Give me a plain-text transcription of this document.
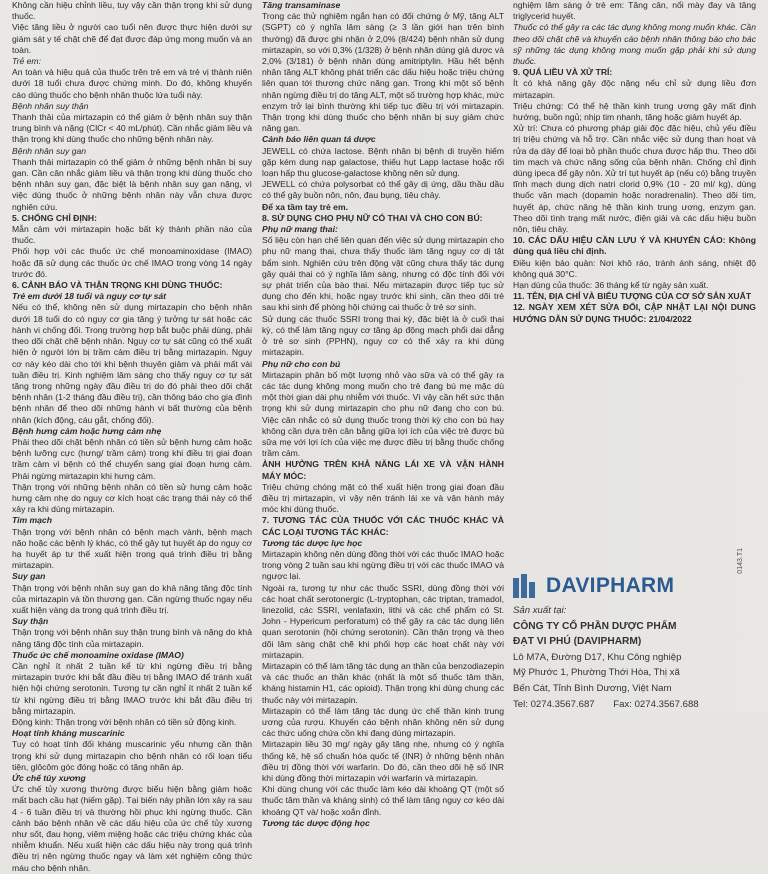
Không cần hiệu chỉnh liều, tuy vậy cần thận trọng khi sử dụng thuốc.

Việc tăng liều ở người cao tuổi nên được thực hiện dưới sự giám sát y tế chặt chẽ để đạt được đáp ứng mong muốn và an toàn.

Trẻ em:

An toàn và hiệu quả của thuốc trên trẻ em và trẻ vị thành niên dưới 18 tuổi chưa được chứng minh. Do đó, không khuyến cáo dùng thuốc cho bệnh nhân thuộc lứa tuổi này.

Bệnh nhân suy thận

Thanh thải của mirtazapin có thể giảm ở bệnh nhân suy thận trung bình và nặng (ClCr < 40 mL/phút). Cần nhắc giảm liều và thận trọng khi dùng thuốc cho những bệnh nhân này.

Bệnh nhân suy gan

Thanh thải mirtazapin có thể giảm ở những bệnh nhân bị suy gan. Cần cân nhắc giảm liều và thận trọng khi dùng thuốc cho bệnh nhân suy gan, đặc biệt là bệnh nhân suy gan nặng, vì việc dùng thuốc ở những bệnh nhân này vẫn chưa được nghiên cứu.

5. CHỐNG CHỈ ĐỊNH:

Mẫn cảm với mirtazapin hoặc bất kỳ thành phần nào của thuốc.

Phối hợp với các thuốc ức chế monoaminoxidase (IMAO) hoặc đã sử dụng các thuốc ức chế IMAO trong vòng 14 ngày trước đó.

6. CẢNH BÁO VÀ THẬN TRỌNG KHI DÙNG THUỐC:

Trẻ em dưới 18 tuổi và nguy cơ tự sát

Nếu có thể, không nên sử dụng mirtazapin cho bệnh nhân dưới 18 tuổi do có nguy cơ gia tăng ý tưởng tự sát hoặc các hành vi chống đối. Trong trường hợp bắt buộc phải dùng, phải theo dõi chặt chẽ bệnh nhân. Nguy cơ tự sát cũng có thể xuất hiện ở người lớn bị trầm cảm điều trị bằng mirtazapin. Nguy cơ này kéo dài cho tới khi bệnh thuyên giảm và phải mất vài tuần điều trị. Kinh nghiệm lâm sàng cho thấy nguy cơ tự sát tăng trong những ngày đầu điều trị do đó phải theo dõi chặt bệnh nhân (1-2 tháng đầu điều trị), cần thông báo cho gia đình bệnh nhân để theo dõi những hành vi bất thường của bệnh nhân (kích động, cáu gắt, chống đối).

Bệnh hưng cảm hoặc hưng cảm nhẹ

Phải theo dõi chặt bệnh nhân có tiền sử bệnh hưng cảm hoặc bệnh lưỡng cực (hưng/ trầm cảm) trong khi điều trị giai đoạn trầm cảm vì bệnh có thể chuyển sang giai đoạn hưng cảm. Phải ngừng mirtazapin khi hưng cảm.

Thận trọng với những bệnh nhân có tiền sử hưng cảm hoặc hưng cảm nhẹ do nguy cơ kích hoạt các trạng thái này có thể xảy ra khi dùng mirtazapin.

Tim mạch

Thận trọng với bệnh nhân có bệnh mạch vành, bệnh mạch não hoặc các bệnh lý khác, có thể gây tụt huyết áp do nguy cơ hạ huyết áp tư thế xuất hiện trong quá trình điều trị bằng mirtazapin.

Suy gan

Thận trọng với bệnh nhân suy gan do khả năng tăng độc tính của mirtazapin và tồn thương gan. Cần ngừng thuốc ngay nếu xuất hiện vàng da trong quá trình điều trị.

Suy thận

Thận trọng với bệnh nhân suy thận trung bình và nặng do khả năng tăng độc tính của mirtazapin.

Thuốc ức chế monoamine oxidase (IMAO)

Cần nghỉ ít nhất 2 tuần kể từ khi ngừng điều trị bằng mirtazapin trước khi bắt đầu điều trị bằng IMAO để tránh xuất hiện hội chứng serotonin. Tương tự cần nghỉ ít nhất 2 tuần kể từ khi ngừng điều trị bằng IMAO trước khi bắt đầu điều trị bằng mirtazapin.

Động kinh: Thận trọng với bệnh nhân có tiền sử động kinh.

Hoạt tính kháng muscarinic

Tuy có hoạt tính đối kháng muscarinic yếu nhưng cần thận trọng khi sử dụng mirtazapin cho bệnh nhân có rối loạn tiểu tiện, glôcôm góc đóng hoặc có tăng nhãn áp.

Ức chế tủy xương

Ức chế tủy xương thường được biểu hiện bằng giảm hoặc mất bạch cầu hạt (hiếm gặp). Tại biến này phần lớn xảy ra sau 4 - 6 tuần điều trị và thường hồi phục khi ngừng thuốc. Cần cảnh báo bệnh nhân về các dấu hiệu của ức chế tủy xương như sốt, đau họng, viêm miệng hoặc các triệu chứng khác của nhiễm khuẩn. Nếu xuất hiện các dấu hiệu này trong quá trình điều trị nên ngừng thuốc ngay và làm xét nghiệm công thức máu cho bệnh nhân.

Tăng transaminase

Trong các thử nghiệm ngắn hạn có đối chứng ở Mỹ, tăng ALT (SGPT) có ý nghĩa lâm sàng (≥ 3 lần giới hạn trên bình thường) đã được ghi nhận ở 2,0% (8/424) bệnh nhân sử dụng mirtazapin, so với 0,3% (1/328) ở bệnh nhân dùng giả dược và 2,0% (3/181) ở bệnh nhân dùng amitriptylin. Hầu hết bệnh nhân tăng ALT không phát triển các dấu hiệu hoặc triệu chứng liên quan tới thương chức năng gan. Trong khi một số bệnh nhân ngừng điều trị do tăng ALT, một số trường hợp khác, mức enzym trở lại bình thường khi tiếp tục điều trị với mirtazapin. Thận trọng khi dùng thuốc cho bệnh nhân bị suy giảm chức năng gan.

Cảnh báo liên quan tá dược

JEWELL có chứa lactose. Bệnh nhân bị bệnh di truyền hiếm gặp kém dung nạp galactose, thiếu hụt Lapp lactase hoặc rối loạn hấp thu glucose-galactose không nên sử dụng.

JEWELL có chứa polysorbat có thể gây dị ứng, dầu thầu dầu có thể gây buồn nôn, nôn, đau bụng, tiêu chảy.

Để xa tầm tay trẻ em.

8. SỬ DỤNG CHO PHỤ NỮ CÓ THAI VÀ CHO CON BÚ:

Phụ nữ mang thai:

Số liệu còn hạn chế liên quan đến việc sử dụng mirtazapin cho phụ nữ mang thai, chưa thấy thuốc làm tăng nguy cơ dị tật bẩm sinh. Nghiên cứu trên động vật cũng chưa thấy tác dụng gây quái thai có ý nghĩa lâm sàng, nhưng có độc tính đối với sự phát triển của bào thai. Nếu mirtazapin được tiếp tục sử dụng cho đến khi, hoặc ngay trước khi sinh, cần theo dõi trẻ sau khi sinh để phòng hội chứng cai thuốc ở trẻ sơ sinh.

Sử dụng các thuốc SSRI trong thai kỳ, đặc biệt là ở cuối thai kỳ, có thể làm tăng nguy cơ tăng áp động mạch phổi dai dẳng ở trẻ sơ sinh (PPHN), nguy cơ có thể xảy ra khi dùng mirtazapin.

Phụ nữ cho con bú

Mirtazapin phân bố một lượng nhỏ vào sữa và có thể gây ra các tác dụng không mong muốn cho trẻ đang bú mẹ mặc dù một thời gian dài phụ nhiễm với thuốc. Vì vậy cần hết sức thận trọng khi sử dụng mirtazapin cho phụ nữ đang cho con bú. Việc cân nhắc có sử dụng thuốc trong thời kỳ cho con bú hay không cần dựa trên cân bằng giữa lợi ích của việc trẻ được bú sữa mẹ với lợi ích của việc mẹ được điều trị bằng thuốc chống trầm cảm.

ẢNH HƯỞNG TRÊN KHẢ NĂNG LÁI XE VÀ VẬN HÀNH MÁY MÓC:

Triệu chứng chóng mặt có thể xuất hiện trong giai đoạn đầu điều trị mirtazapin, vì vậy nên tránh lái xe và vận hành máy móc khi dùng thuốc.

7. TƯƠNG TÁC CỦA THUỐC VỚI CÁC THUỐC KHÁC VÀ CÁC LOẠI TƯƠNG TÁC KHÁC:

Tương tác dược lực học

Mirtazapin không nên dùng đồng thời với các thuốc IMAO hoặc trong vòng 2 tuần sau khi ngừng điều trị với các thuốc IMAO và ngược lại.

Ngoài ra, tương tự như các thuốc SSRI, dùng đồng thời với các hoạt chất serotonergic (L-tryptophan, các triptan, tramadol, linezolid, các SSRI, venlafaxin, lithi và các chế phẩm có St. John - Hypericum perforatum) có thể gây ra các tác dụng liên quan serotonin (hội chứng serotonin). Cần thận trọng và theo dõi lâm sàng chặt chẽ khi phối hợp các hoạt chất này với mirtazapin.

Mirtazapin có thể làm tăng tác dụng an thần của benzodiazepin và các thuốc an thần khác (nhất là một số thuốc tâm thần, kháng histamin H1, các opioid). Thận trọng khi dùng chung các thuốc này với mirtazapin.

Mirtazapin có thể làm tăng tác dụng ức chế thần kinh trung ương của rượu. Khuyến cáo bệnh nhân không nên sử dụng các thức uống chứa cồn khi đang dùng mirtazapin.

Mirtazapin liều 30 mg/ ngày gây tăng nhẹ, nhưng có ý nghĩa thống kê, hệ số chuẩn hóa quốc tế (INR) ở những bệnh nhân điều trị đồng thời với warfarin. Do đó, cần theo dõi hệ số INR khi dùng đồng thời mirtazapin với warfarin và mirtazapin.

Khi dùng chung với các thuốc làm kéo dài khoảng QT (một số thuốc tâm thần và kháng sinh) có thể làm tăng nguy cơ kéo dài khoảng QT và/ hoặc xoắn đỉnh.

Tương tác dược động học

nghiệm lâm sàng ở trẻ em: Tăng cân, nổi mày đay và tăng triglycerid huyết.

Thuốc có thể gây ra các tác dụng không mong muốn khác. Cần theo dõi chặt chẽ và khuyến cáo bệnh nhân thông báo cho bác sỹ những tác dụng không mong muốn gặp phải khi sử dụng thuốc.

9. QUÁ LIỀU VÀ XỬ TRÍ:

Ít có khả năng gây độc nặng nếu chỉ sử dụng liều đơn mirtazapin.

Triệu chứng: Có thể hệ thần kinh trung ương gây mất định hướng, buồn ngủ; nhịp tim nhanh, tăng hoặc giảm huyết áp.

Xử trí: Chưa có phương pháp giải độc đặc hiệu, chủ yếu điều trị triệu chứng và hỗ trợ. Cần nhắc việc sử dụng than hoạt và rửa dạ dày để loại bỏ phần thuốc chưa được hấp thu. Theo dõi tim mạch và chức năng sống của bệnh nhân. Chống chỉ định dùng ipeca để gây nôn. Xử trí tụt huyết áp (nếu có) bằng truyền tĩnh mạch dung dịch natri clorid 0,9% (10 - 20 ml/ kg), dùng thuốc vận mạch (dopamin hoặc noradrenalin). Theo dõi tim, huyết áp, chức năng hệ thần kinh trung ương, enzym gan. Theo dõi tình trạng mất nước, điện giải và các dấu hiệu buồn nôn, tiêu chảy.

10. CÁC DẤU HIỆU CẦN LƯU Ý VÀ KHUYẾN CÁO: Không dùng quá liều chỉ định.

Điều kiện bảo quản: Nơi khô ráo, tránh ánh sáng, nhiệt độ không quá 30°C.

Hạn dùng của thuốc: 36 tháng kể từ ngày sản xuất.

11. TÊN, ĐỊA CHỈ VÀ BIỂU TƯỢNG CỦA CƠ SỞ SẢN XUẤT

12. NGÀY XEM XÉT SỬA ĐỔI, CẬP NHẬT LẠI NỘI DUNG HƯỚNG DẪN SỬ DỤNG THUỐC: 21/04/2022

0143.T1
DAVIPHARM
Sản xuất tại:
CÔNG TY CỔ PHẦN DƯỢC PHẨM
ĐẠT VI PHÚ (DAVIPHARM)
Lô M7A, Đường D17, Khu Công nghiệp
Mỹ Phước 1, Phường Thới Hòa, Thị xã
Bến Cát, Tỉnh Bình Dương, Việt Nam
Tel: 0274.3567.687       Fax: 0274.3567.688
